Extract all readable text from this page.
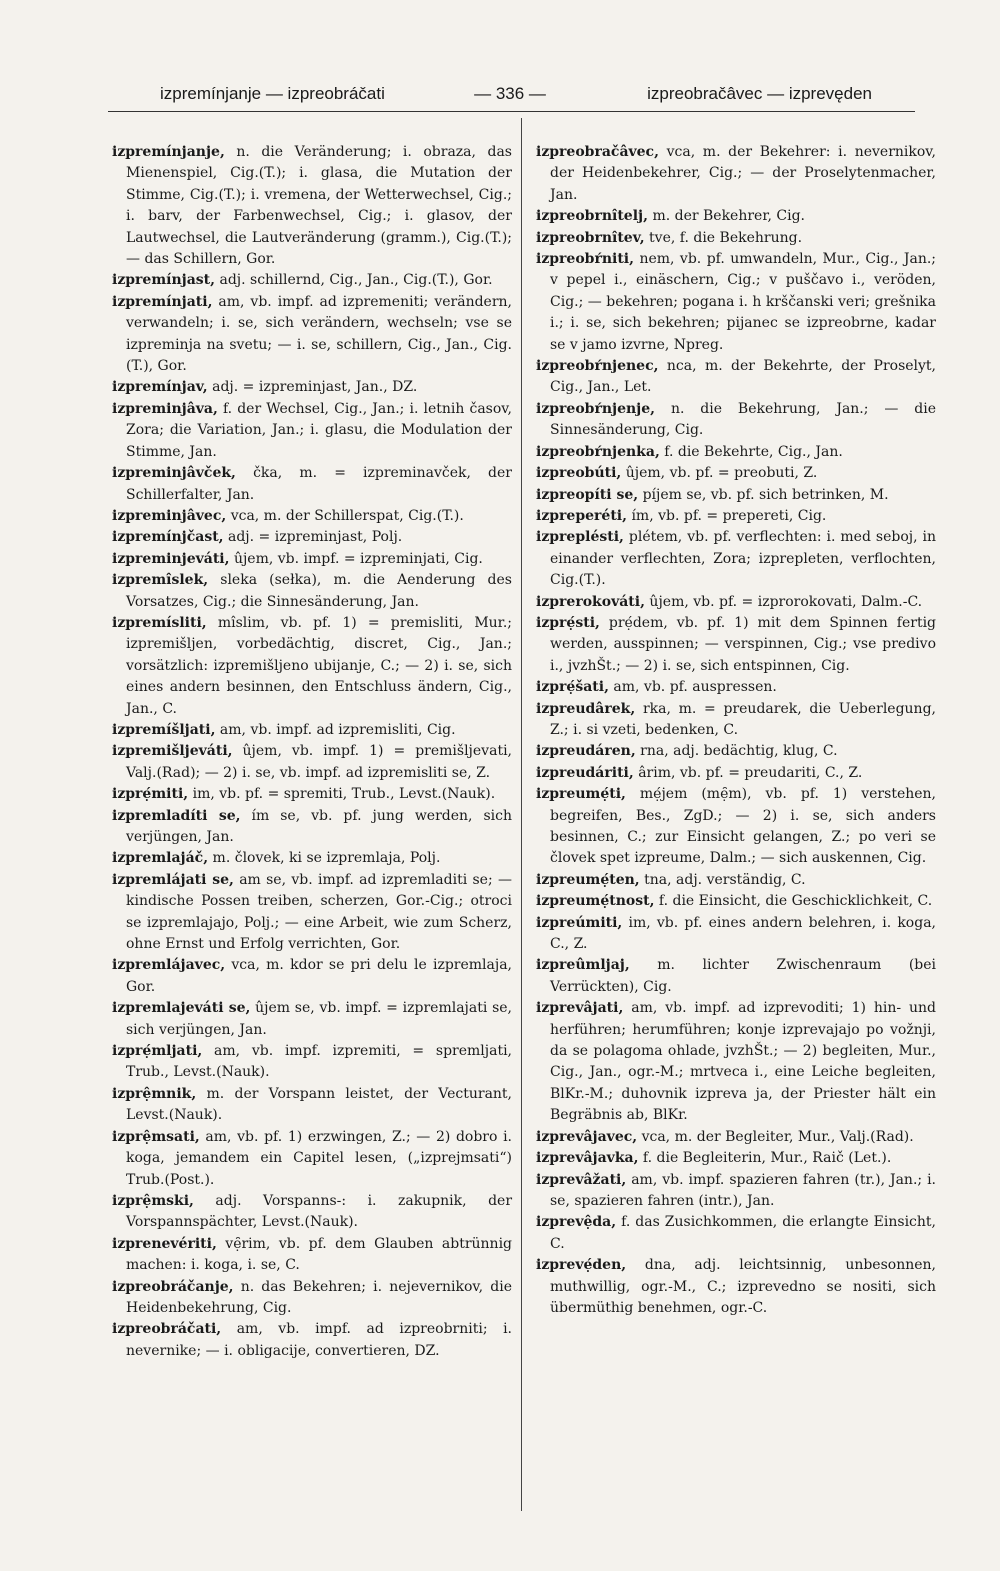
izpremínjanje — izpreobráčati	— 336 —	izpreobračâvec — izprevęden

izpremínjanje, n. die Veränderung; i. obraza, das Mienenspiel, Cig.(T.); i. glasa, die Mutation der Stimme, Cig.(T.); i. vremena, der Wetterwechsel, Cig.; i. barv, der Farbenwechsel, Cig.; i. glasov, der Lautwechsel, die Lautveränderung (gramm.), Cig.(T.); — das Schillern, Gor.

izpremínjast, adj. schillernd, Cig., Jan., Cig.(T.), Gor.

izpremínjati, am, vb. impf. ad izpremeniti; verändern, verwandeln; i. se, sich verändern, wechseln; vse se izpreminja na svetu; — i. se, schillern, Cig., Jan., Cig.(T.), Gor.

izpremínjav, adj. = izpreminjast, Jan., DZ.

izpreminjâva, f. der Wechsel, Cig., Jan.; i. letnih časov, Zora; die Variation, Jan.; i. glasu, die Modulation der Stimme, Jan.

izpreminjâvček, čka, m. = izpreminavček, der Schillerfalter, Jan.

izpreminjâvec, vca, m. der Schillerspat, Cig.(T.).

izpremínjčast, adj. = izpreminjast, Polj.

izpreminjeváti, ûjem, vb. impf. = izpreminjati, Cig.

izpremîslek, sleka (sełka), m. die Aenderung des Vorsatzes, Cig.; die Sinnesänderung, Jan.

izpremísliti, mîslim, vb. pf. 1) = premisliti, Mur.; izpremišljen, vorbedächtig, discret, Cig., Jan.; vorsätzlich: izpremišljeno ubijanje, C.; — 2) i. se, sich eines andern besinnen, den Entschluss ändern, Cig., Jan., C.

izpremíšljati, am, vb. impf. ad izpremisliti, Cig.

izpremišljeváti, ûjem, vb. impf. 1) = premišljevati, Valj.(Rad); — 2) i. se, vb. impf. ad izpremisliti se, Z.

izprẹ́miti, im, vb. pf. = spremiti, Trub., Levst.(Nauk).

izpremladíti se, ím se, vb. pf. jung werden, sich verjüngen, Jan.

izpremlajáč, m. človek, ki se izpremlaja, Polj.

izpremlájati se, am se, vb. impf. ad izpremladiti se; — kindische Possen treiben, scherzen, Gor.-Cig.; otroci se izpremlajajo, Polj.; — eine Arbeit, wie zum Scherz, ohne Ernst und Erfolg verrichten, Gor.

izpremlájavec, vca, m. kdor se pri delu le izpremlaja, Gor.

izpremlajeváti se, ûjem se, vb. impf. = izpremlajati se, sich verjüngen, Jan.

izprẹ́mljati, am, vb. impf. izpremiti, = spremljati, Trub., Levst.(Nauk).

izprệmnik, m. der Vorspann leistet, der Vecturant, Levst.(Nauk).

izprệmsati, am, vb. pf. 1) erzwingen, Z.; — 2) dobro i. koga, jemandem ein Capitel lesen, („izprejmsati“) Trub.(Post.).

izprệmski, adj. Vorspanns-: i. zakupnik, der Vorspannspächter, Levst.(Nauk).

izprenevériti, vẹ̑rim, vb. pf. dem Glauben abtrünnig machen: i. koga, i. se, C.

izpreobráčanje, n. das Bekehren; i. nejevernikov, die Heidenbekehrung, Cig.

izpreobráčati, am, vb. impf. ad izpreobrniti; i. nevernike; — i. obligacije, convertieren, DZ.

izpreobračâvec, vca, m. der Bekehrer: i. nevernikov, der Heidenbekehrer, Cig.; — der Proselytenmacher, Jan.

izpreobrnîtelj, m. der Bekehrer, Cig.

izpreobrnîtev, tve, f. die Bekehrung.

izpreobŕniti, nem, vb. pf. umwandeln, Mur., Cig., Jan.; v pepel i., einäschern, Cig.; v puščavo i., veröden, Cig.; — bekehren; pogana i. h krščanski veri; grešnika i.; i. se, sich bekehren; pijanec se izpreobrne, kadar se v jamo izvrne, Npreg.

izpreobŕnjenec, nca, m. der Bekehrte, der Proselyt, Cig., Jan., Let.

izpreobŕnjenje, n. die Bekehrung, Jan.; — die Sinnesänderung, Cig.

izpreobŕnjenka, f. die Bekehrte, Cig., Jan.

izpreobúti, ûjem, vb. pf. = preobuti, Z.

izpreopíti se, píjem se, vb. pf. sich betrinken, M.

izpreperéti, ím, vb. pf. = prepereti, Cig.

izpreplésti, plétem, vb. pf. verflechten: i. med seboj, in einander verflechten, Zora; izprepleten, verflochten, Cig.(T.).

izprerokováti, ûjem, vb. pf. = izprorokovati, Dalm.-C.

izprẹ́sti, prẹ́dem, vb. pf. 1) mit dem Spinnen fertig werden, ausspinnen; — verspinnen, Cig.; vse predivo i., jvzhŠt.; — 2) i. se, sich entspinnen, Cig.

izprẹ́šati, am, vb. pf. auspressen.

izpreudârek, rka, m. = preudarek, die Ueberlegung, Z.; i. si vzeti, bedenken, C.

izpreudáren, rna, adj. bedächtig, klug, C.

izpreudáriti, ârim, vb. pf. = preudariti, C., Z.

izpreumẹ́ti, mẹ́jem (mẹ̑m), vb. pf. 1) verstehen, begreifen, Bes., ZgD.; — 2) i. se, sich anders besinnen, C.; zur Einsicht gelangen, Z.; po veri se človek spet izpreume, Dalm.; — sich auskennen, Cig.

izpreumẹ́ten, tna, adj. verständig, C.

izpreumẹ́tnost, f. die Einsicht, die Geschicklichkeit, C.

izpreúmiti, im, vb. pf. eines andern belehren, i. koga, C., Z.

izpreûmljaj, m. lichter Zwischenraum (bei Verrückten), Cig.

izprevâjati, am, vb. impf. ad izprevoditi; 1) hin- und herführen; herumführen; konje izprevajajo po vožnji, da se polagoma ohlade, jvzhŠt.; — 2) begleiten, Mur., Cig., Jan., ogr.-M.; mrtveca i., eine Leiche begleiten, BlKr.-M.; duhovnik izpreva ja, der Priester hält ein Begräbnis ab, BlKr.

izprevâjavec, vca, m. der Begleiter, Mur., Valj.(Rad).

izprevâjavka, f. die Begleiterin, Mur., Raič (Let.).

izprevâžati, am, vb. impf. spazieren fahren (tr.), Jan.; i. se, spazieren fahren (intr.), Jan.

izprevệda, f. das Zusichkommen, die erlangte Einsicht, C.

izprevẹ́den, dna, adj. leichtsinnig, unbesonnen, muthwillig, ogr.-M., C.; izprevedno se nositi, sich übermüthig benehmen, ogr.-C.
